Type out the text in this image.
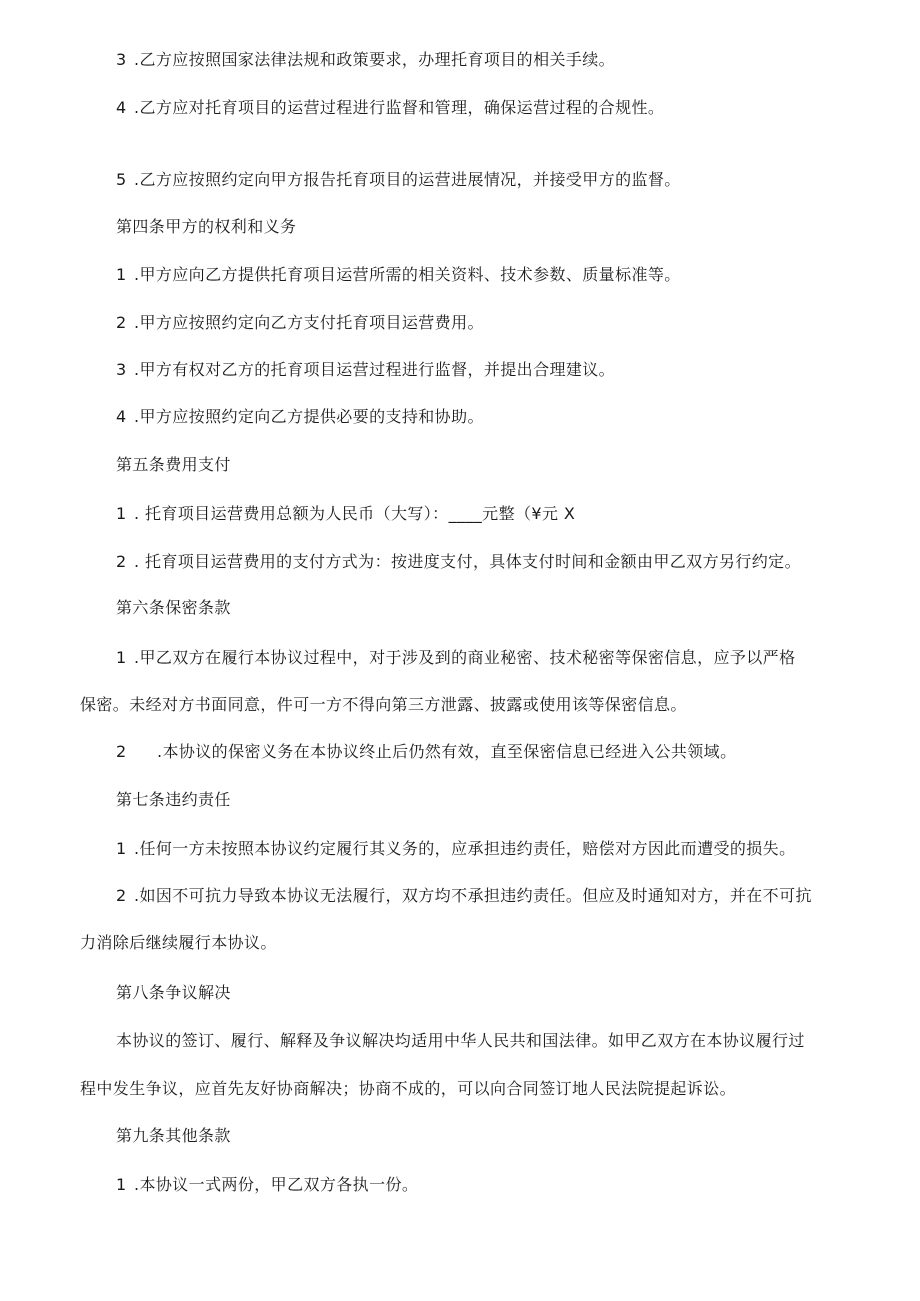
3 .乙方应按照国家法律法规和政策要求，办理托育项目的相关手续。
4 .乙方应对托育项目的运营过程进行监督和管理，确保运营过程的合规性。
5 .乙方应按照约定向甲方报告托育项目的运营进展情况，并接受甲方的监督。
第四条甲方的权利和义务
1 .甲方应向乙方提供托育项目运营所需的相关资料、技术参数、质量标准等。
2 .甲方应按照约定向乙方支付托育项目运营费用。
3 .甲方有权对乙方的托育项目运营过程进行监督，并提出合理建议。
4 .甲方应按照约定向乙方提供必要的支持和协助。
第五条费用支付
1 . 托育项目运营费用总额为人民币（大写）：____元整（¥元 X
2 . 托育项目运营费用的支付方式为：按进度支付，具体支付时间和金额由甲乙双方另行约定。
第六条保密条款
1 .甲乙双方在履行本协议过程中，对于涉及到的商业秘密、技术秘密等保密信息，应予以严格
保密。未经对方书面同意，件可一方不得向第三方泄露、披露或使用该等保密信息。
2 .本协议的保密义务在本协议终止后仍然有效，直至保密信息已经进入公共领域。
第七条违约责任
1 .任何一方未按照本协议约定履行其义务的，应承担违约责任，赔偿对方因此而遭受的损失。
2 .如因不可抗力导致本协议无法履行，双方均不承担违约责任。但应及时通知对方，并在不可抗
力消除后继续履行本协议。
第八条争议解决
本协议的签订、履行、解释及争议解决均适用中华人民共和国法律。如甲乙双方在本协议履行过
程中发生争议，应首先友好协商解决；协商不成的，可以向合同签订地人民法院提起诉讼。
第九条其他条款
1 .本协议一式两份，甲乙双方各执一份。
